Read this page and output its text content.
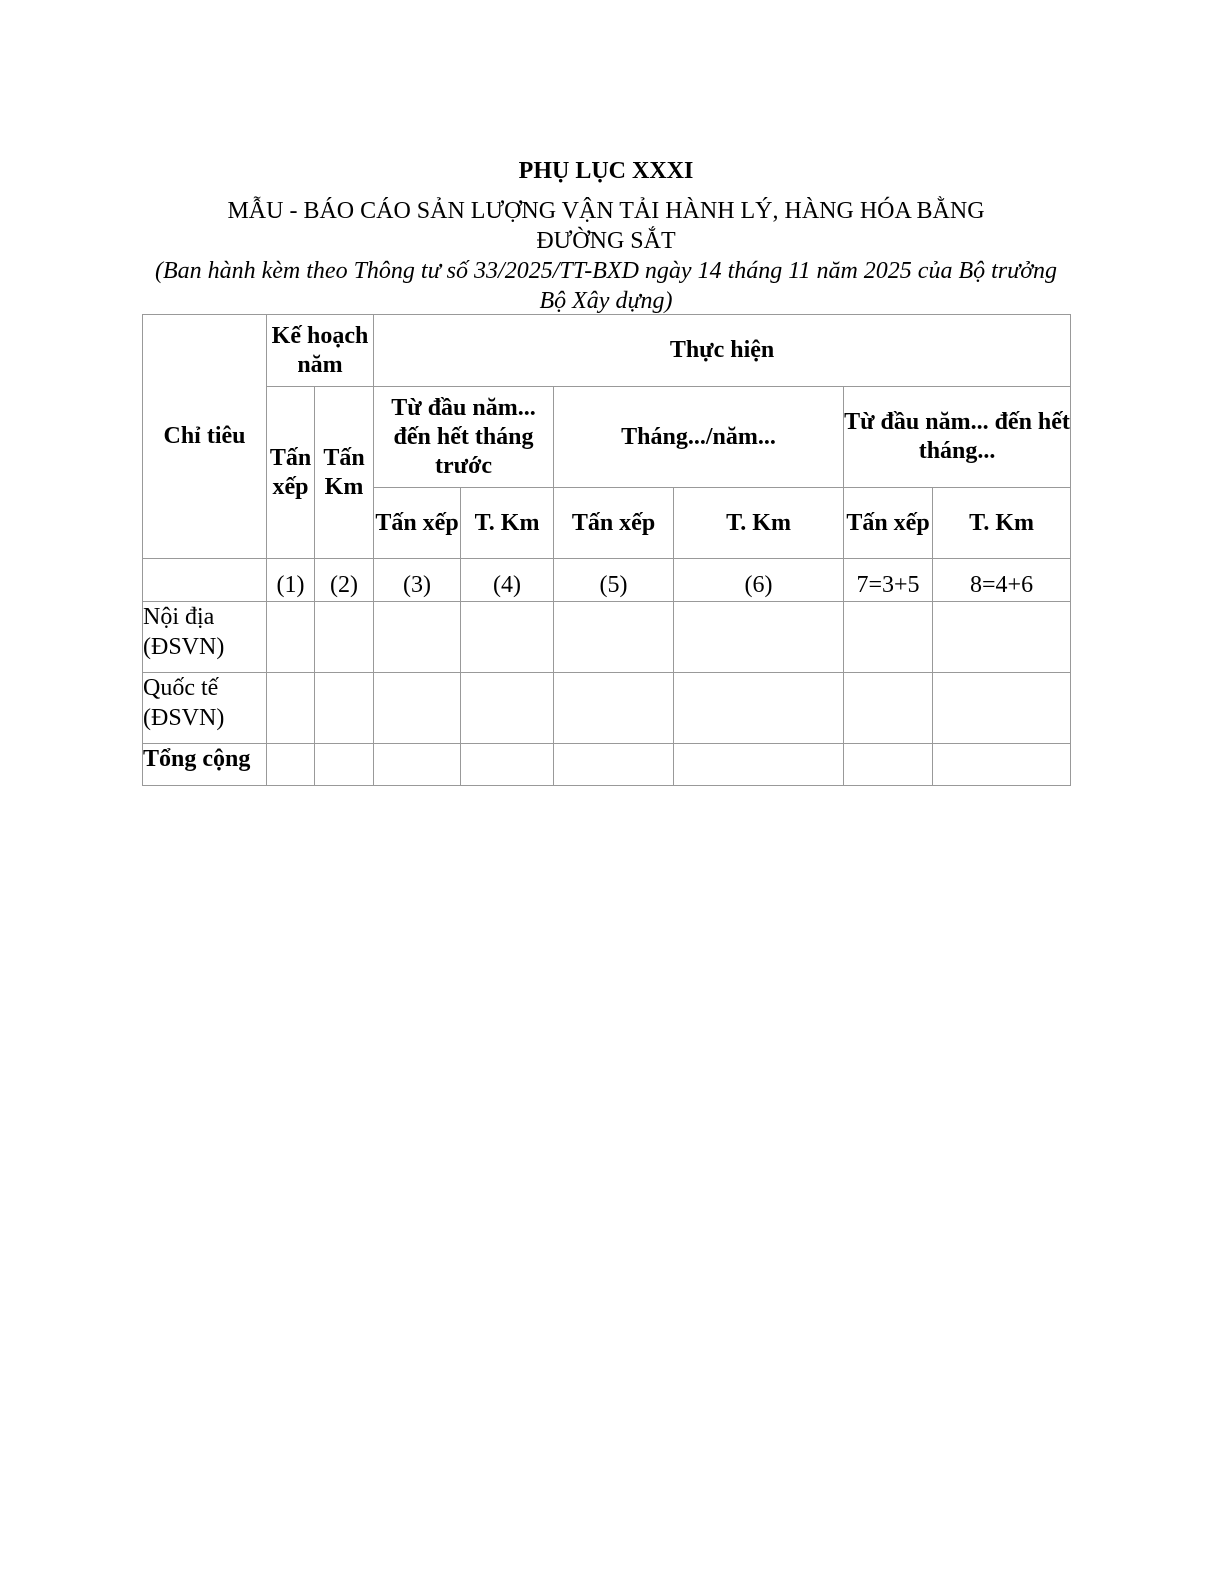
PHỤ LỤC XXXI
MẪU - BÁO CÁO SẢN LƯỢNG VẬN TẢI HÀNH LÝ, HÀNG HÓA BẰNG ĐƯỜNG SẮT
(Ban hành kèm theo Thông tư số 33/2025/TT-BXD ngày 14 tháng 11 năm 2025 của Bộ trưởng Bộ Xây dựng)
Chỉ tiêu	Kế hoạch năm		Thực hiện					
	Tấn xếp	Tấn Km	Từ đầu năm... đến hết tháng trước		Tháng.../năm...		Từ đầu năm... đến hết tháng...	
			Tấn xếp	T. Km	Tấn xếp	T. Km	Tấn xếp	T. Km
	(1)	(2)	(3)	(4)	(5)	(6)	7=3+5	8=4+6
Nội địa (ĐSVN)								
Quốc tế (ĐSVN)								
Tổng cộng								
